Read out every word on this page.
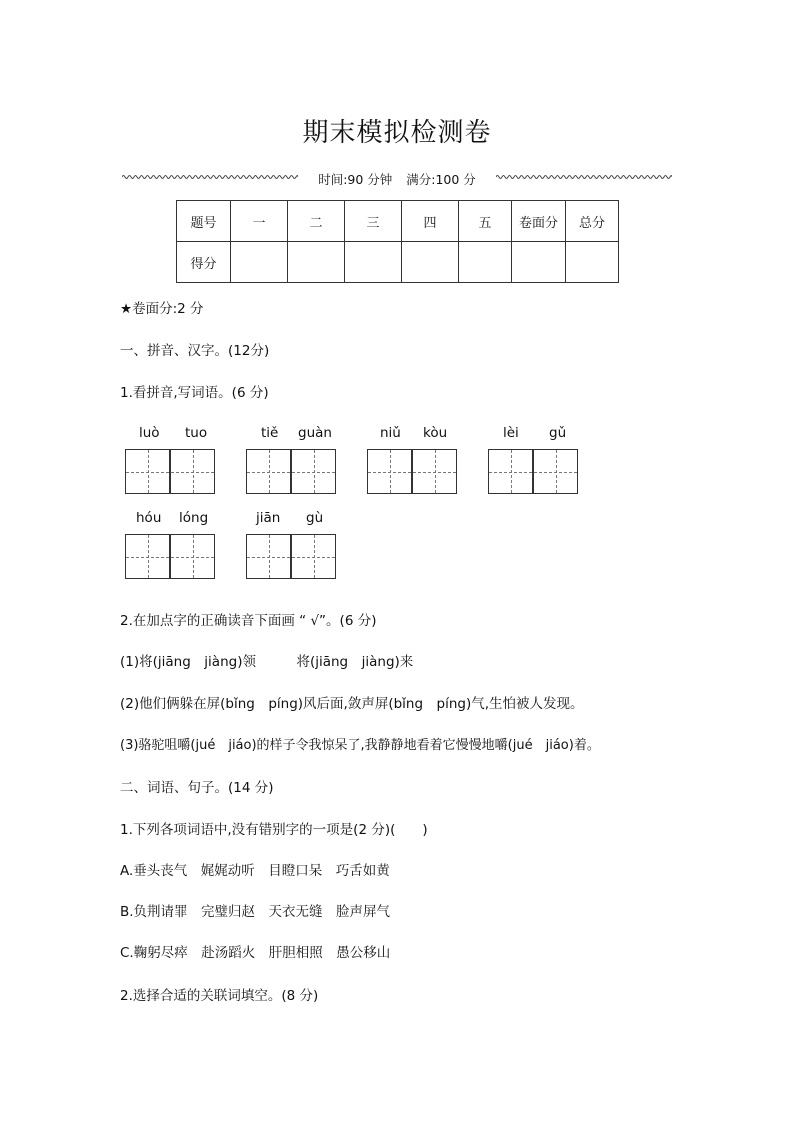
期末模拟检测卷
时间:90 分钟 满分:100 分
题号	一	二	三	四	五	卷面分	总分
得分							
★卷面分:2 分
一、拼音、汉字。(12分)
1.看拼音,写词语。(6 分)
luò tuo	tiě guàn	niǔ kòu	lèi gǔ
hóu lóng	jiān gù
2.在加点字的正确读音下面画 “ √”。(6 分)
(1)将(jiāng　jiàng)领　　　将(jiāng　jiàng)来
(2)他们俩躲在屏(bǐng　píng)风后面,敛声屏(bǐng　píng)气,生怕被人发现。
(3)骆驼咀嚼(jué　jiáo)的样子令我惊呆了,我静静地看着它慢慢地嚼(jué　jiáo)着。
二、词语、句子。(14 分)
1.下列各项词语中,没有错别字的一项是(2 分)(　　)
A.垂头丧气　娓娓动听　目瞪口呆　巧舌如黄
B.负荆请罪　完璧归赵　天衣无缝　脸声屏气
C.鞠躬尽瘁　赴汤蹈火　肝胆相照　愚公移山
2.选择合适的关联词填空。(8 分)
